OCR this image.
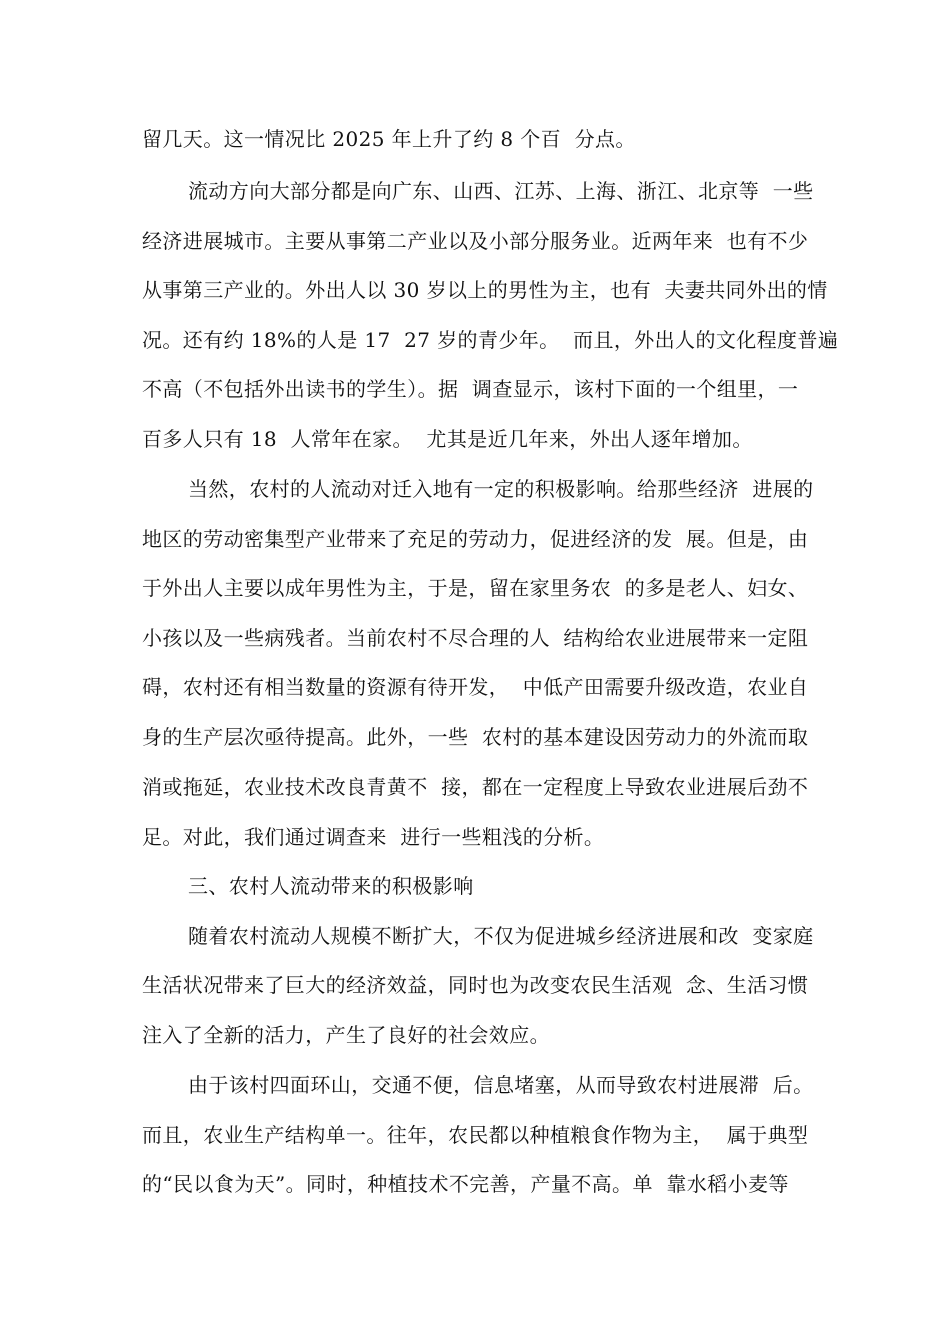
留几天。这一情况比 2025 年上升了约 8 个百  分点。
流动方向大部分都是向广东、山西、江苏、上海、浙江、北京等  一些
经济进展城市。主要从事第二产业以及小部分服务业。近两年来  也有不少
从事第三产业的。外出人以 30 岁以上的男性为主，也有  夫妻共同外出的情
况。还有约 18%的人是 17  27 岁的青少年。  而且，外出人的文化程度普遍
不高（不包括外出读书的学生）。据  调查显示，该村下面的一个组里，一
百多人只有 18  人常年在家。  尤其是近几年来，外出人逐年增加。
当然，农村的人流动对迁入地有一定的积极影响。给那些经济  进展的
地区的劳动密集型产业带来了充足的劳动力，促进经济的发  展。但是，由
于外出人主要以成年男性为主，于是，留在家里务农  的多是老人、妇女、
小孩以及一些病残者。当前农村不尽合理的人  结构给农业进展带来一定阻
碍，农村还有相当数量的资源有待开发，  中低产田需要升级改造，农业自
身的生产层次亟待提高。此外，一些  农村的基本建设因劳动力的外流而取
消或拖延，农业技术改良青黄不  接，都在一定程度上导致农业进展后劲不
足。对此，我们通过调查来  进行一些粗浅的分析。
三、农村人流动带来的积极影响
随着农村流动人规模不断扩大，不仅为促进城乡经济进展和改  变家庭
生活状况带来了巨大的经济效益，同时也为改变农民生活观  念、生活习惯
注入了全新的活力，产生了良好的社会效应。
由于该村四面环山，交通不便，信息堵塞，从而导致农村进展滞  后。
而且，农业生产结构单一。往年，农民都以种植粮食作物为主，  属于典型
的“民以食为天”。同时，种植技术不完善，产量不高。单  靠水稻小麦等
